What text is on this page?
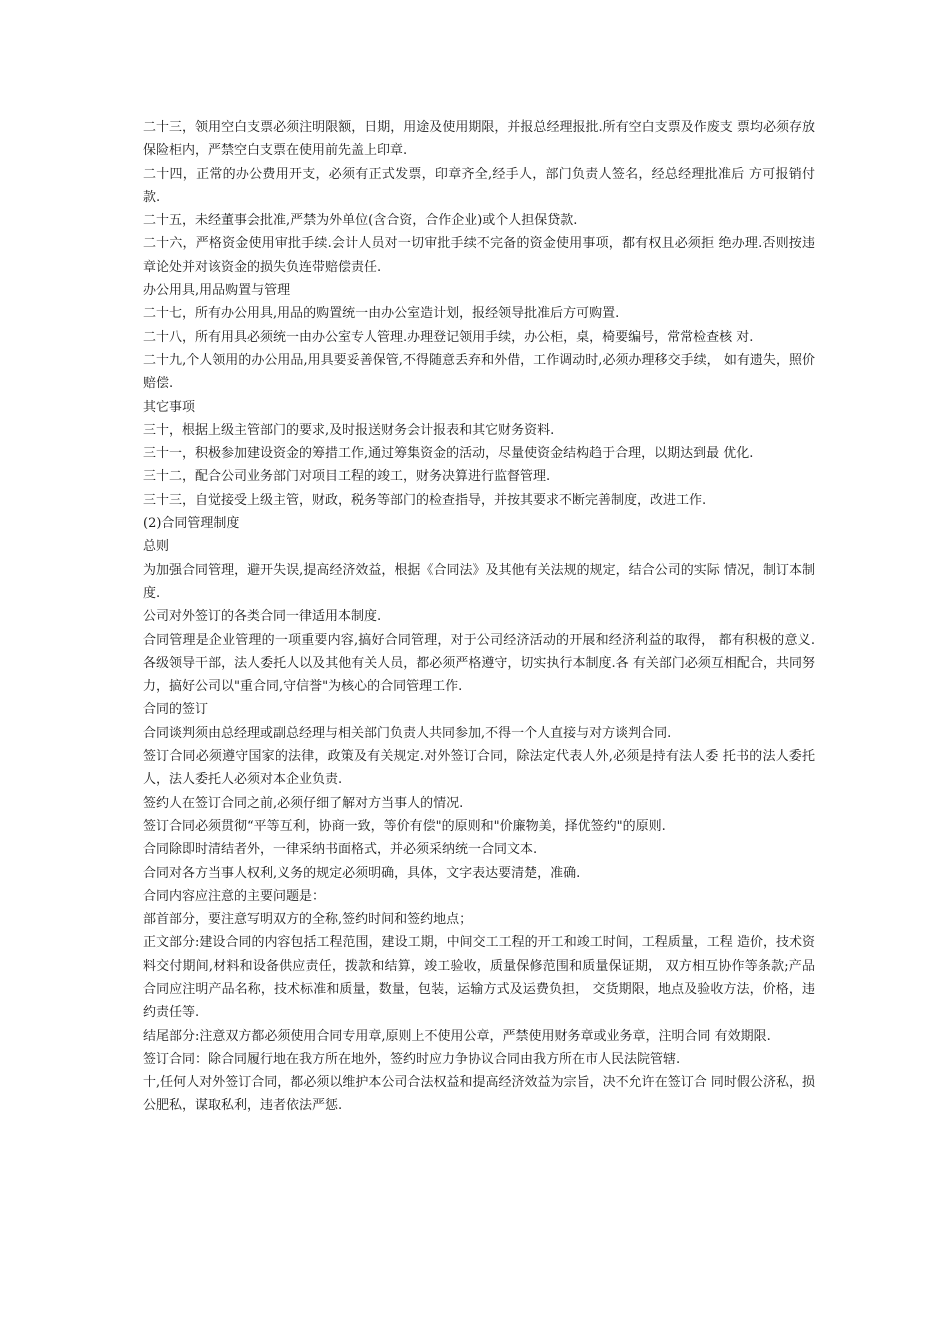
二十三，领用空白支票必须注明限额，日期，用途及使用期限，并报总经理报批.所有空白支票及作废支 票均必须存放保险柜内，严禁空白支票在使用前先盖上印章.

二十四，正常的办公费用开支，必须有正式发票，印章齐全,经手人，部门负责人签名，经总经理批准后 方可报销付款.

二十五，未经董事会批准,严禁为外单位(含合资，合作企业)或个人担保贷款.

二十六，严格资金使用审批手续.会计人员对一切审批手续不完备的资金使用事项，都有权且必须拒 绝办理.否则按违章论处并对该资金的损失负连带赔偿责任.

办公用具,用品购置与管理

二十七，所有办公用具,用品的购置统一由办公室造计划，报经领导批准后方可购置.

二十八，所有用具必须统一由办公室专人管理.办理登记领用手续，办公柜，桌，椅要编号，常常检查核 对.

二十九,个人领用的办公用品,用具要妥善保管,不得随意丢弃和外借，工作调动时,必须办理移交手续， 如有遗失，照价赔偿.

其它事项

三十，根据上级主管部门的要求,及时报送财务会计报表和其它财务资料.

三十一，积极参加建设资金的筹措工作,通过筹集资金的活动，尽量使资金结构趋于合理，以期达到最 优化.

三十二，配合公司业务部门对项目工程的竣工，财务决算进行监督管理.

三十三，自觉接受上级主管，财政，税务等部门的检查指导，并按其要求不断完善制度，改进工作.

(2)合同管理制度

总则

为加强合同管理，避开失误,提高经济效益，根据《合同法》及其他有关法规的规定，结合公司的实际 情况，制订本制度.

公司对外签订的各类合同一律适用本制度.

合同管理是企业管理的一项重要内容,搞好合同管理，对于公司经济活动的开展和经济利益的取得， 都有积极的意义.各级领导干部，法人委托人以及其他有关人员，都必须严格遵守，切实执行本制度.各 有关部门必须互相配合，共同努力，搞好公司以"重合同,守信誉"为核心的合同管理工作.

合同的签订

合同谈判须由总经理或副总经理与相关部门负责人共同参加,不得一个人直接与对方谈判合同.

签订合同必须遵守国家的法律，政策及有关规定.对外签订合同，除法定代表人外,必须是持有法人委 托书的法人委托人，法人委托人必须对本企业负责.

签约人在签订合同之前,必须仔细了解对方当事人的情况.

签订合同必须贯彻“平等互利，协商一致，等价有偿"的原则和"价廉物美，择优签约"的原则.

合同除即时清结者外，一律采纳书面格式，并必须采纳统一合同文本.

合同对各方当事人权利,义务的规定必须明确，具体，文字表达要清楚，准确.

合同内容应注意的主要问题是：

部首部分，要注意写明双方的全称,签约时间和签约地点；

正文部分:建设合同的内容包括工程范围，建设工期，中间交工工程的开工和竣工时间，工程质量，工程 造价，技术资料交付期间,材料和设备供应责任，拨款和结算，竣工验收，质量保修范围和质量保证期， 双方相互协作等条款;产品合同应注明产品名称，技术标准和质量，数量，包装，运输方式及运费负担， 交货期限，地点及验收方法，价格，违约责任等.

结尾部分:注意双方都必须使用合同专用章,原则上不使用公章，严禁使用财务章或业务章，注明合同 有效期限.

签订合同：除合同履行地在我方所在地外，签约时应力争协议合同由我方所在市人民法院管辖.

十,任何人对外签订合同，都必须以维护本公司合法权益和提高经济效益为宗旨，决不允许在签订合 同时假公济私，损公肥私，谋取私利，违者依法严惩.
